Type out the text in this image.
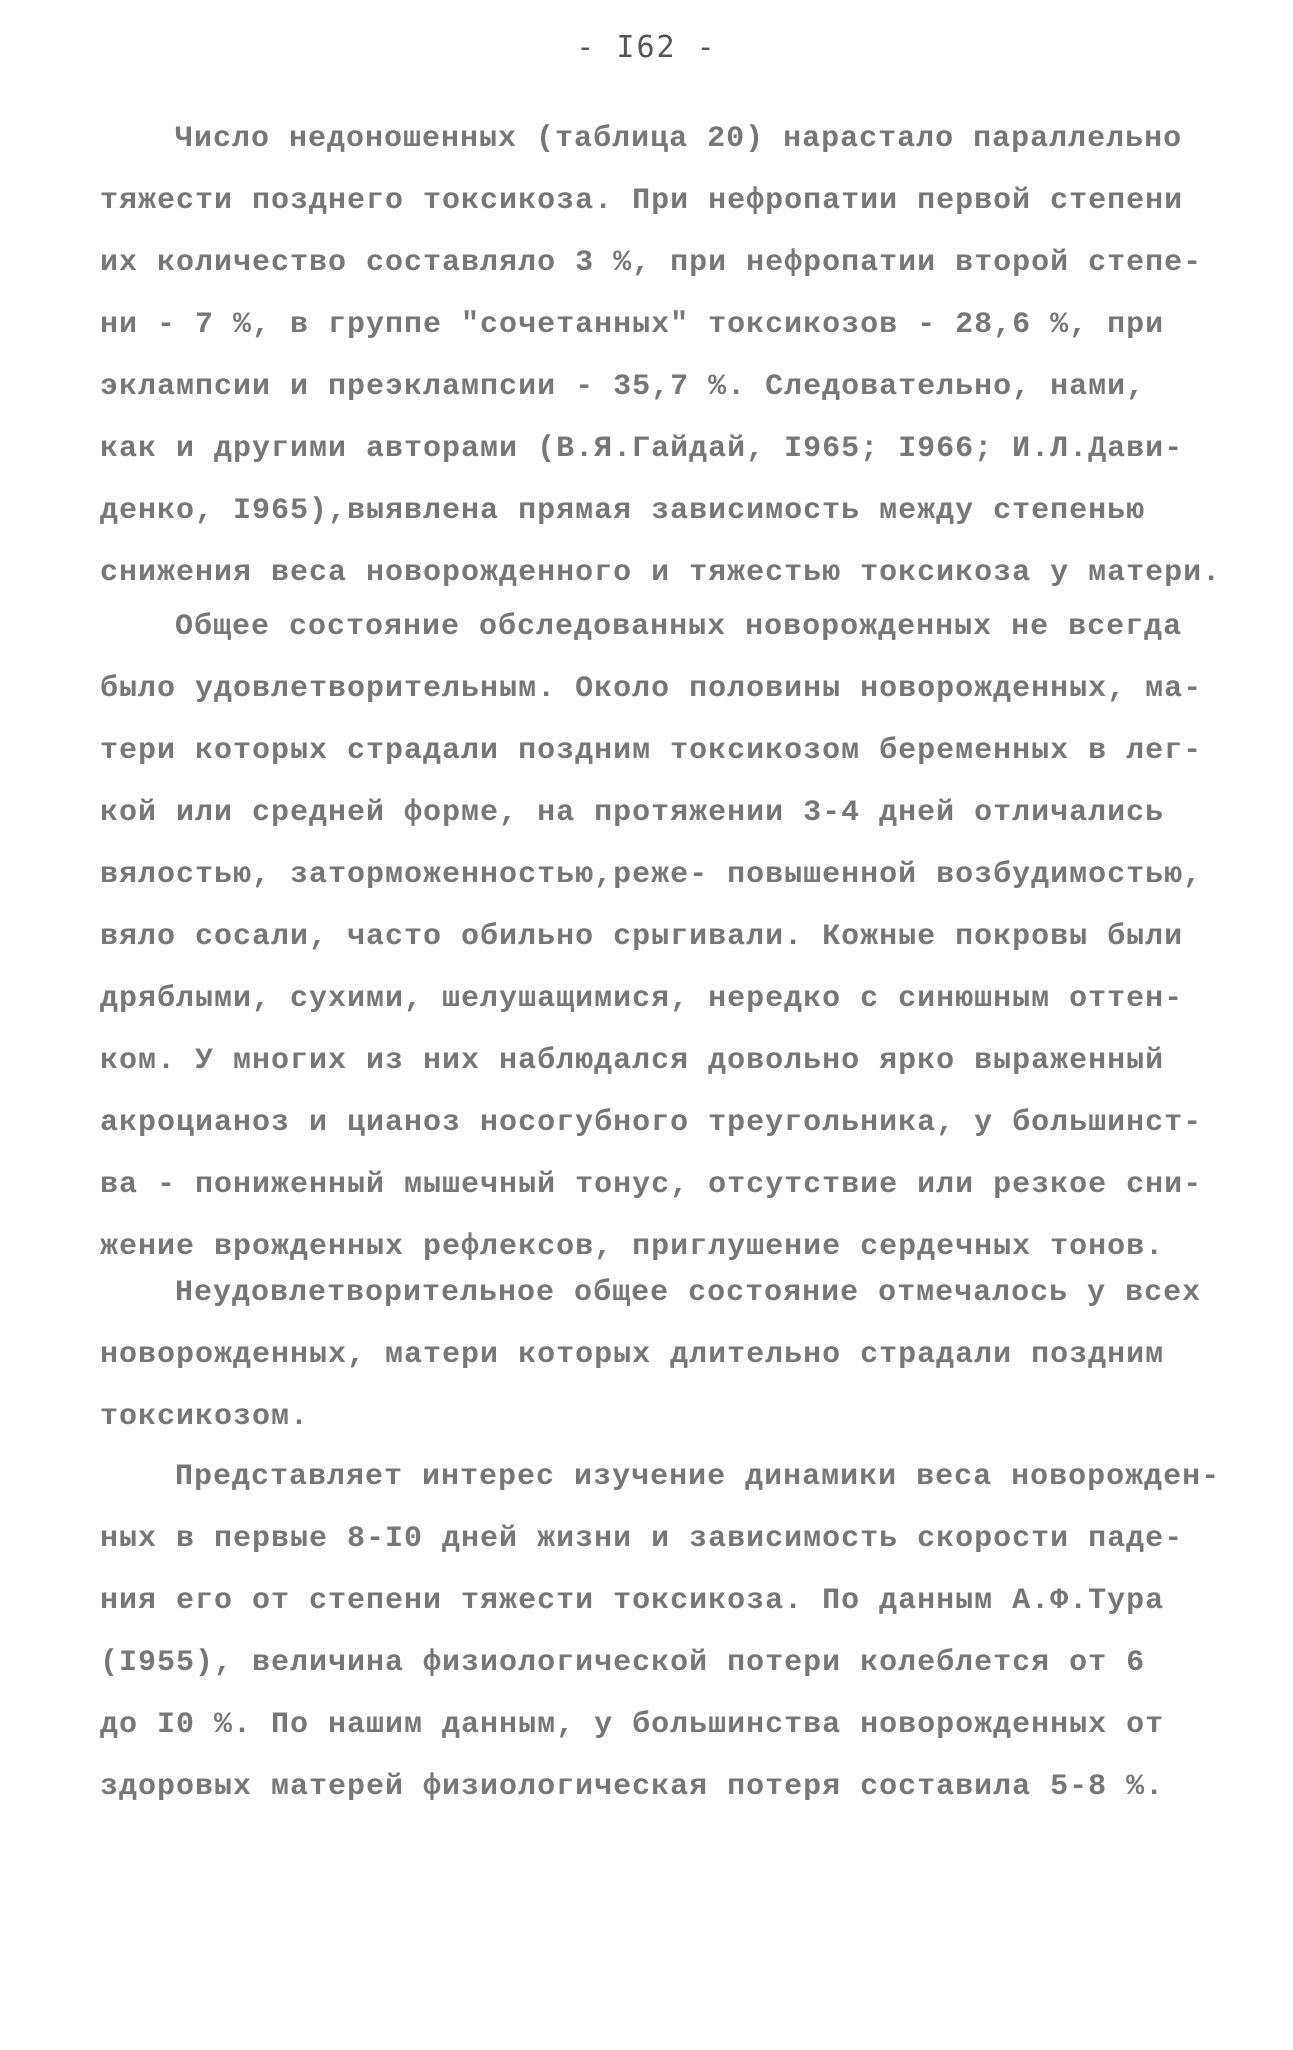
- I62 -
Число недоношенных (таблица 20) нарастало параллельно
тяжести позднего токсикоза. При нефропатии первой степени
их количество составляло 3 %, при нефропатии второй степе-
ни - 7 %, в группе "сочетанных" токсикозов - 28,6 %, при
эклампсии и преэклампсии - 35,7 %. Следовательно, нами,
как и другими авторами (В.Я.Гайдай, I965; I966; И.Л.Дави-
денко, I965),выявлена прямая зависимость между степенью
снижения веса новорожденного и тяжестью токсикоза у матери.
Общее состояние обследованных новорожденных не всегда
было удовлетворительным. Около половины новорожденных, ма-
тери которых страдали поздним токсикозом беременных в лег-
кой или средней форме, на протяжении 3-4 дней отличались
вялостью, заторможенностью,реже- повышенной возбудимостью,
вяло сосали, часто обильно срыгивали. Кожные покровы были
дряблыми, сухими, шелушащимися, нередко с синюшным оттен-
ком. У многих из них наблюдался довольно ярко выраженный
акроцианоз и цианоз носогубного треугольника, у большинст-
ва - пониженный мышечный тонус, отсутствие или резкое сни-
жение врожденных рефлексов, приглушение сердечных тонов.
Неудовлетворительное общее состояние отмечалось у всех
новорожденных, матери которых длительно страдали поздним
токсикозом.
Представляет интерес изучение динамики веса новорожден-
ных в первые 8-I0 дней жизни и зависимость скорости паде-
ния его от степени тяжести токсикоза. По данным А.Ф.Тура
(I955), величина физиологической потери колеблется от 6
до I0 %. По нашим данным, у большинства новорожденных от
здоровых матерей физиологическая потеря составила 5-8 %.
